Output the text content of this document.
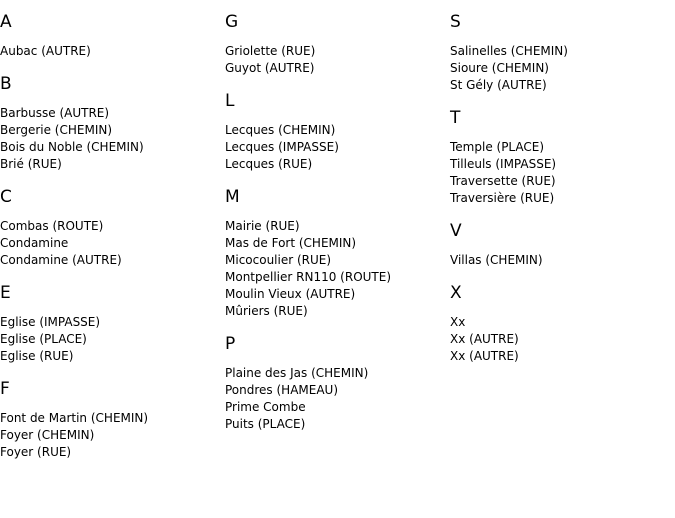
A
Aubac (AUTRE)
B
Barbusse (AUTRE)
Bergerie (CHEMIN)
Bois du Noble (CHEMIN)
Brié (RUE)
C
Combas (ROUTE)
Condamine
Condamine (AUTRE)
E
Eglise (IMPASSE)
Eglise (PLACE)
Eglise (RUE)
F
Font de Martin (CHEMIN)
Foyer (CHEMIN)
Foyer (RUE)
G
Griolette (RUE)
Guyot (AUTRE)
L
Lecques (CHEMIN)
Lecques (IMPASSE)
Lecques (RUE)
M
Mairie (RUE)
Mas de Fort (CHEMIN)
Micocoulier (RUE)
Montpellier RN110 (ROUTE)
Moulin Vieux (AUTRE)
Mûriers (RUE)
P
Plaine des Jas (CHEMIN)
Pondres (HAMEAU)
Prime Combe
Puits (PLACE)
S
Salinelles (CHEMIN)
Sioure (CHEMIN)
St Gély (AUTRE)
T
Temple (PLACE)
Tilleuls (IMPASSE)
Traversette (RUE)
Traversière (RUE)
V
Villas (CHEMIN)
X
Xx
Xx (AUTRE)
Xx (AUTRE)
